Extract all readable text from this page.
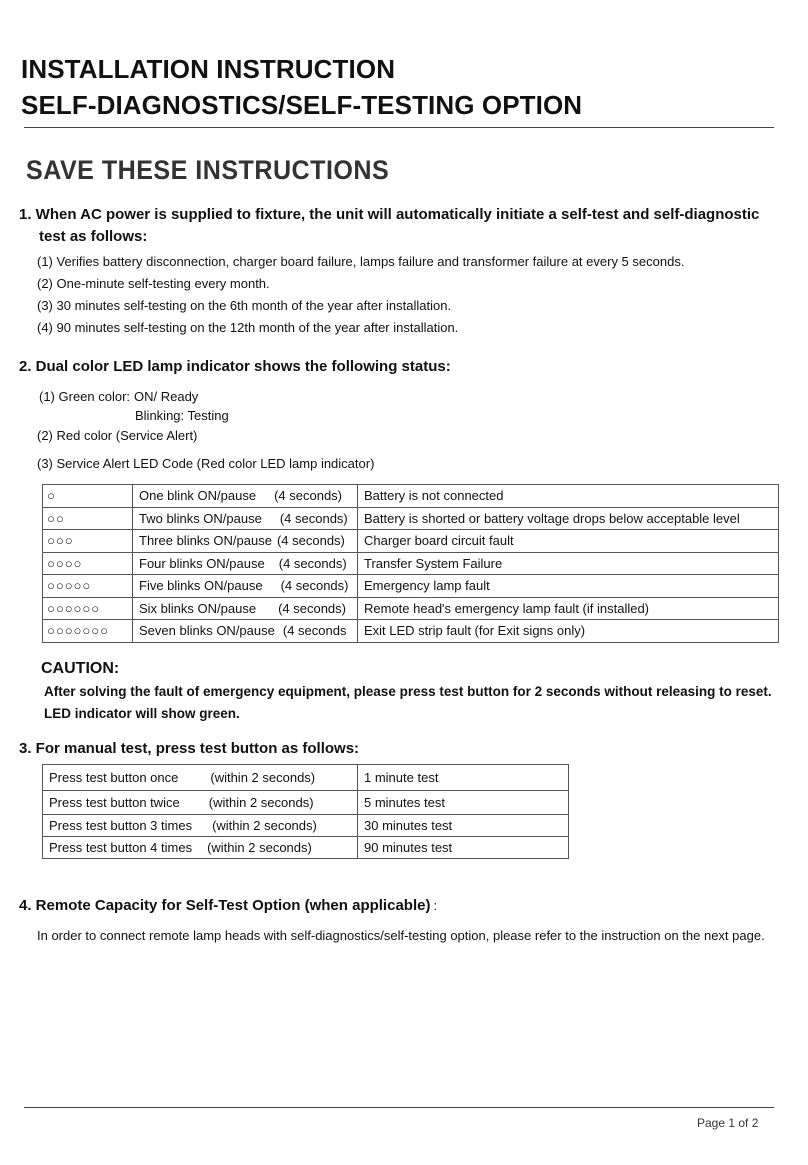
INSTALLATION INSTRUCTION
SELF-DIAGNOSTICS/SELF-TESTING OPTION
SAVE THESE INSTRUCTIONS
1. When AC power is supplied to fixture, the unit will automatically initiate a self-test and self-diagnostic
test as follows:
(1) Verifies battery disconnection, charger board failure, lamps failure and transformer failure at every 5 seconds.
(2) One-minute self-testing every month.
(3) 30 minutes self-testing on the 6th month of the year after installation.
(4) 90 minutes self-testing on the 12th month of the year after installation.
2. Dual color LED lamp indicator shows the following status:
(1) Green color: ON/ Ready
Blinking: Testing
(2) Red color (Service Alert)
(3) Service Alert LED Code (Red color LED lamp indicator)
○	One blink ON/pause (4 seconds)	Battery is not connected
○○	Two blinks ON/pause (4 seconds)	Battery is shorted or battery voltage drops below acceptable level
○○○	Three blinks ON/pause (4 seconds)	Charger board circuit fault
○○○○	Four blinks ON/pause (4 seconds)	Transfer System Failure
○○○○○	Five blinks ON/pause (4 seconds)	Emergency lamp fault
○○○○○○	Six blinks ON/pause (4 seconds)	Remote head's emergency lamp fault (if installed)
○○○○○○○	Seven blinks ON/pause (4 seconds	Exit LED strip fault (for Exit signs only)
CAUTION:
After solving the fault of emergency equipment, please press test button for 2 seconds without releasing to reset.
LED indicator will show green.
3. For manual test, press test button as follows:
Press test button once (within 2 seconds)	1 minute test
Press test button twice (within 2 seconds)	5 minutes test
Press test button 3 times (within 2 seconds)	30 minutes test
Press test button 4 times (within 2 seconds)	90 minutes test
4. Remote Capacity for Self-Test Option (when applicable) :
In order to connect remote lamp heads with self-diagnostics/self-testing option, please refer to the instruction on the next page.
Page 1 of 2
